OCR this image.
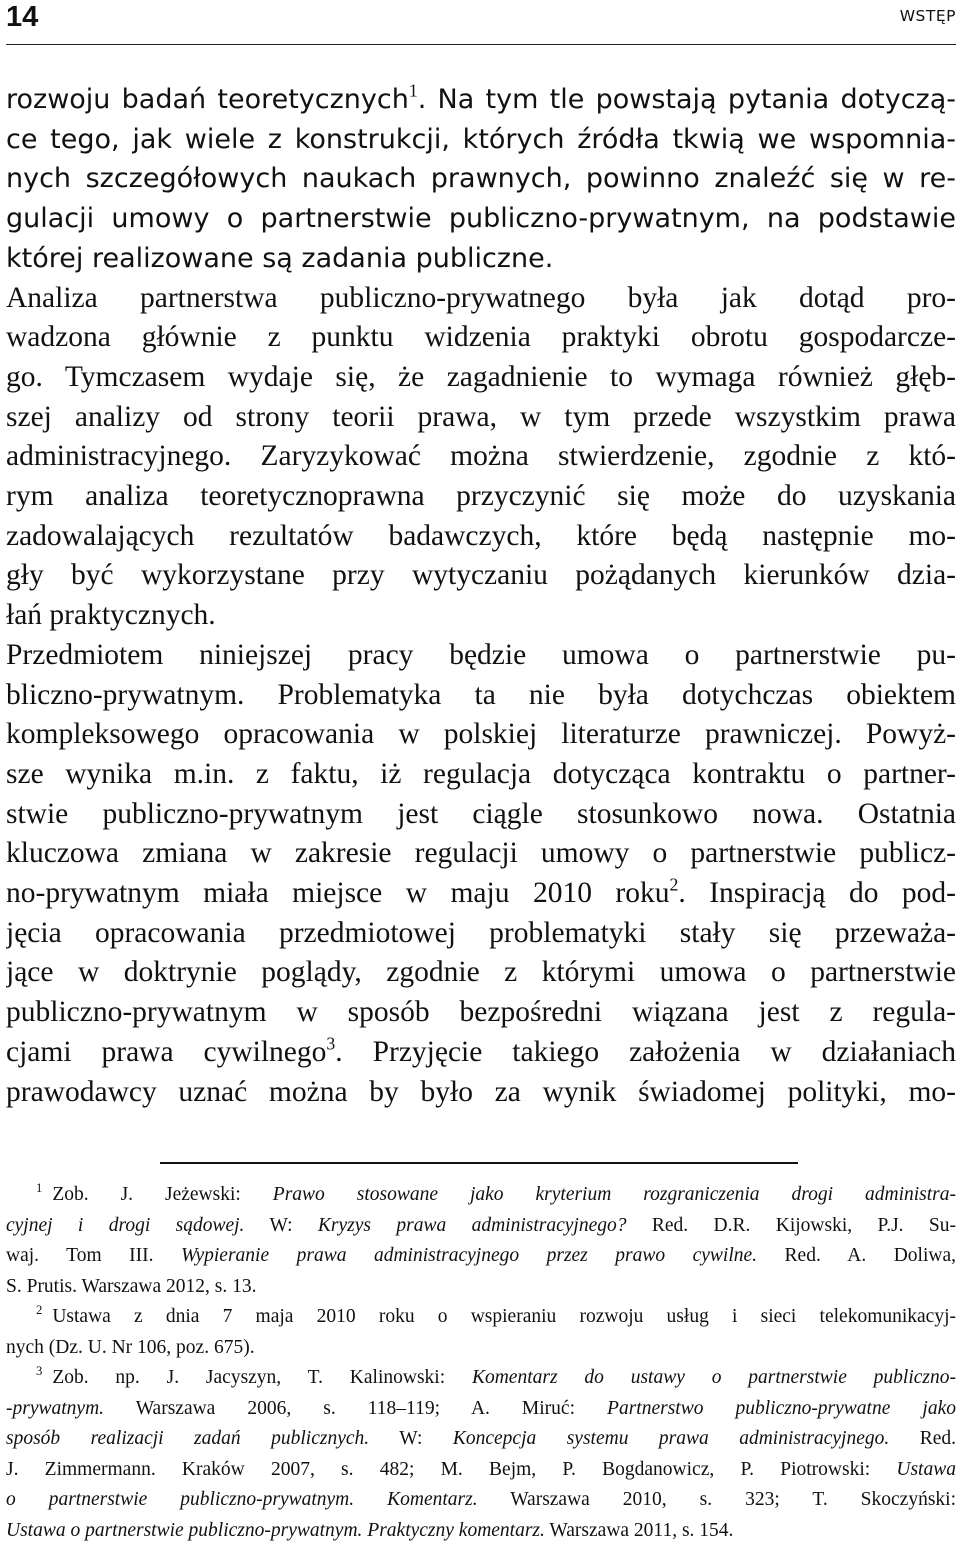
14	WSTĘP
rozwoju badań teoretycznych$^1$. Na tym tle powstają pytania dotyczą-
ce tego, jak wiele z konstrukcji, których źródła tkwią we wspomnia-
nych szczegółowych naukach prawnych, powinno znaleźć się w re-
gulacji umowy o partnerstwie publiczno-prywatnym, na podstawie
której realizowane są zadania publiczne.
Analiza partnerstwa publiczno-prywatnego była jak dotąd pro-
wadzona głównie z punktu widzenia praktyki obrotu gospodarcze-
go. Tymczasem wydaje się, że zagadnienie to wymaga również głęb-
szej analizy od strony teorii prawa, w tym przede wszystkim prawa
administracyjnego. Zaryzykować można stwierdzenie, zgodnie z któ-
rym analiza teoretycznoprawna przyczynić się może do uzyskania
zadowalających rezultatów badawczych, które będą następnie mo-
gły być wykorzystane przy wytyczaniu pożądanych kierunków dzia-
łań praktycznych.
Przedmiotem niniejszej pracy będzie umowa o partnerstwie pu-
bliczno-prywatnym. Problematyka ta nie była dotychczas obiektem
kompleksowego opracowania w polskiej literaturze prawniczej. Powyż-
sze wynika m.in. z faktu, iż regulacja dotycząca kontraktu o partner-
stwie publiczno-prywatnym jest ciągle stosunkowo nowa. Ostatnia
kluczowa zmiana w zakresie regulacji umowy o partnerstwie publicz-
no-prywatnym miała miejsce w maju 2010 roku$^2$. Inspiracją do pod-
jęcia opracowania przedmiotowej problematyki stały się przeważa-
jące w doktrynie poglądy, zgodnie z którymi umowa o partnerstwie
publiczno-prywatnym w sposób bezpośredni wiązana jest z regula-
cjami prawa cywilnego$^3$. Przyjęcie takiego założenia w działaniach
prawodawcy uznać można by było za wynik świadomej polityki, mo-
$^1$ Zob. J. Jeżewski: Prawo stosowane jako kryterium rozgraniczenia drogi administra-
cyjnej i drogi sądowej. W: Kryzys prawa administracyjnego? Red. D.R. Kijowski, P.J. Su-
waj. Tom III. Wypieranie prawa administracyjnego przez prawo cywilne. Red. A. Doliwa,
S. Prutis. Warszawa 2012, s. 13.
$^2$ Ustawa z dnia 7 maja 2010 roku o wspieraniu rozwoju usług i sieci telekomunikacyj-
nych (Dz. U. Nr 106, poz. 675).
$^3$ Zob. np. J. Jacyszyn, T. Kalinowski: Komentarz do ustawy o partnerstwie publiczno-
-prywatnym. Warszawa 2006, s. 118–119; A. Miruć: Partnerstwo publiczno-prywatne jako
sposób realizacji zadań publicznych. W: Koncepcja systemu prawa administracyjnego. Red.
J. Zimmermann. Kraków 2007, s. 482; M. Bejm, P. Bogdanowicz, P. Piotrowski: Ustawa
o partnerstwie publiczno-prywatnym. Komentarz. Warszawa 2010, s. 323; T. Skoczyński:
Ustawa o partnerstwie publiczno-prywatnym. Praktyczny komentarz. Warszawa 2011, s. 154.
